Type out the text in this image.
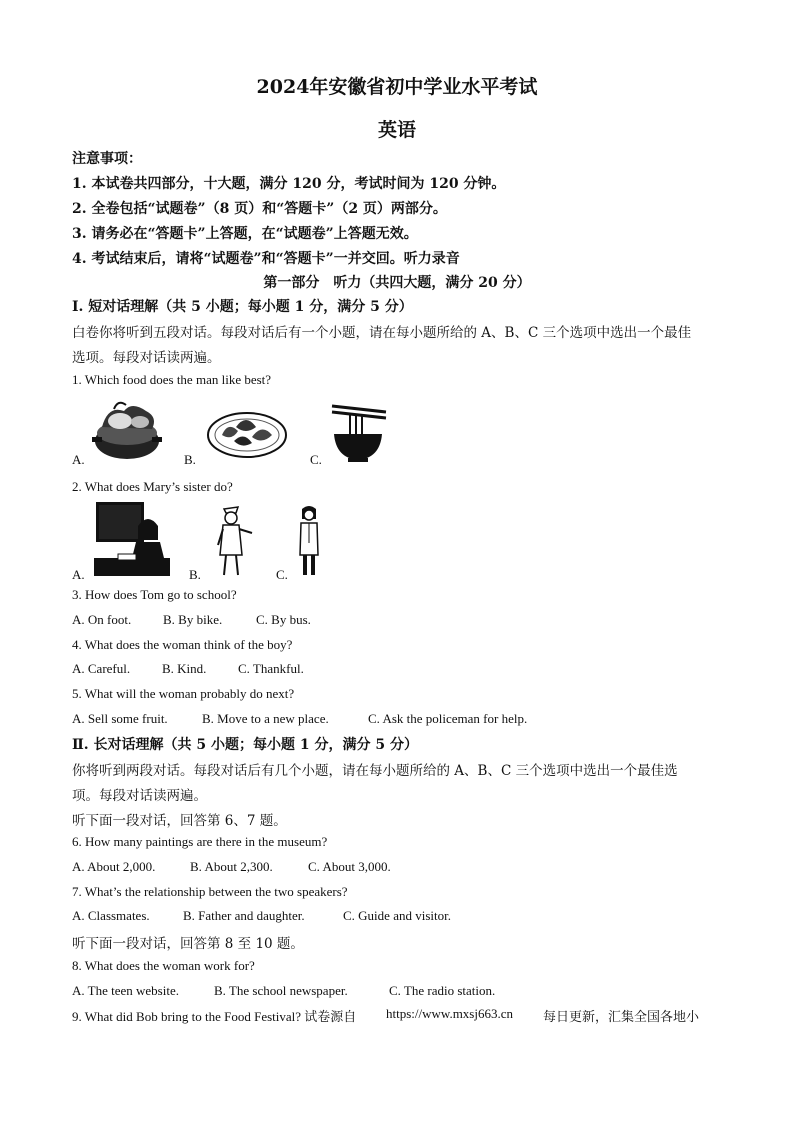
2024年安徽省初中学业水平考试
英语
注意事项：
1. 本试卷共四部分，十大题，满分 120 分，考试时间为 120 分钟。
2. 全卷包括“试题卷”（8 页）和“答题卡”（2 页）两部分。
3. 请务必在“答题卡”上答题，在“试题卷”上答题无效。
4. 考试结束后，请将“试题卷”和“答题卡”一并交回。听力录音
第一部分　听力（共四大题，满分 20 分）
I. 短对话理解（共 5 小题；每小题 1 分，满分 5 分）
白卷你将听到五段对话。每段对话后有一个小题，请在每小题所给的 A、B、C 三个选项中选出一个最佳
选项。每段对话读两遍。
1. Which food does the man like best?
A.	B.	C.
2. What does Mary’s sister do?
A.	B.	C.
3. How does Tom go to school?
A. On foot. B. By bike.	C. By bus.
4. What does the woman think of the boy?
A. Careful. B. Kind. C. Thankful.
5. What will the woman probably do next?
A. Sell some fruit.	B. Move to a new place.	C. Ask the policeman for help.
Ⅱ. 长对话理解（共 5 小题；每小题 1 分，满分 5 分）
你将听到两段对话。每段对话后有几个小题，请在每小题所给的 A、B、C 三个选项中选出一个最佳选
项。每段对话读两遍。
听下面一段对话，回答第 6、7 题。
6. How many paintings are there in the museum?
A. About 2,000.	B. About 2,300.	C. About 3,000.
7. What’s the relationship between the two speakers?
A. Classmates.	B. Father and daughter.	C. Guide and visitor.
听下面一段对话，回答第 8 至 10 题。
8. What does the woman work for?
A. The teen website.	B. The school newspaper.	C. The radio station.
9. What did Bob bring to the Food Festival? 试卷源自 https://www.mxsj663.cn 每日更新，汇集全国各地小
